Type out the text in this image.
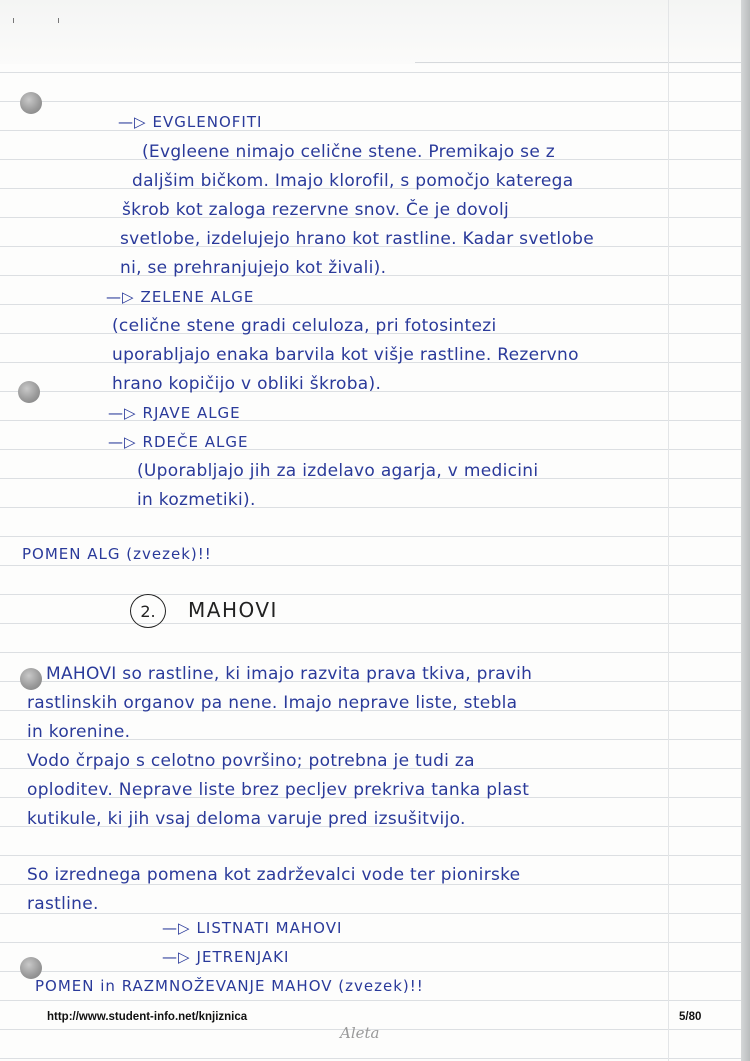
—▷ EVGLENOFITI
(Evgleene nimajo celične stene. Premikajo se z
daljšim bičkom. Imajo klorofil, s pomočjo katerega
škrob kot zaloga rezervne snov. Če je dovolj
svetlobe, izdelujejo hrano kot rastline. Kadar svetlobe
ni, se prehranjujejo kot živali).
—▷ ZELENE ALGE
(celične stene gradi celuloza, pri fotosintezi
uporabljajo enaka barvila kot višje rastline. Rezervno
hrano kopičijo v obliki škroba).
—▷ RJAVE ALGE
—▷ RDEČE ALGE
(Uporabljajo jih za izdelavo agarja, v medicini
in kozmetiki).
POMEN ALG (zvezek)!!
2.	MAHOVI
MAHOVI so rastline, ki imajo razvita prava tkiva, pravih
rastlinskih organov pa nene. Imajo neprave liste, stebla
in korenine.
Vodo črpajo s celotno površino; potrebna je tudi za
oploditev. Neprave liste brez pecljev prekriva tanka plast
kutikule, ki jih vsaj deloma varuje pred izsušitvijo.
So izrednega pomena kot zadrževalci vode ter pionirske
rastline.
—▷ LISTNATI MAHOVI
—▷ JETRENJAKI
POMEN in RAZMNOŽEVANJE MAHOV (zvezek)!!
http://www.student-info.net/knjiznica	5/80
Aleta
